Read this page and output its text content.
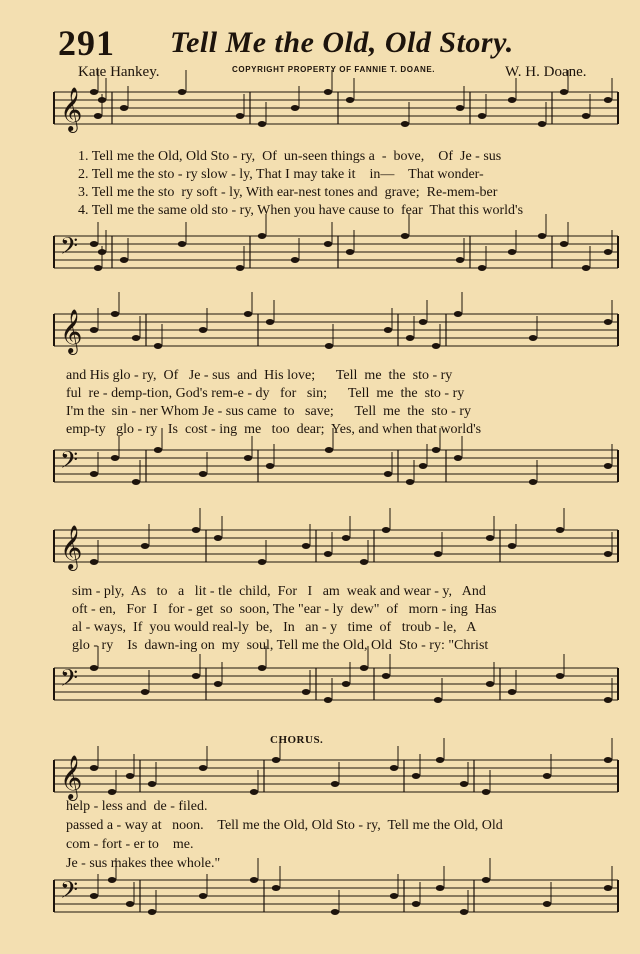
291 Tell Me the Old, Old Story.
Kate Hankey.	COPYRIGHT PROPERTY OF FANNIE T. DOANE.	W. H. Doane.
𝄞
𝄢
𝄞
𝄢
𝄞
𝄢
CHORUS.
𝄞
𝄢
1. Tell me the Old, Old Sto - ry,  Of  un-seen things a  -  bove,    Of  Je - sus
2. Tell me the sto - ry slow - ly, That I may take it    in—    That wonder-
3. Tell me the sto  ry soft - ly, With ear-nest tones and  grave;  Re-mem-ber
4. Tell me the same old sto - ry, When you have cause to  fear  That this world's
and His glo - ry,  Of   Je - sus  and  His love;      Tell  me  the  sto - ry
ful  re - demp-tion, God's rem-e - dy   for   sin;      Tell  me  the  sto - ry
I'm the  sin - ner Whom Je - sus came  to   save;      Tell  me  the  sto - ry
emp-ty   glo - ry   Is  cost - ing  me   too  dear;  Yes, and when that world's
sim - ply,  As   to   a   lit - tle  child,  For   I   am  weak and wear - y,   And
oft - en,   For  I   for - get  so  soon, The "ear - ly  dew"  of   morn - ing  Has
al - ways,  If  you would real-ly  be,   In   an - y   time  of   troub - le,   A
glo - ry    Is  dawn-ing on  my  soul, Tell me the Old, Old  Sto - ry: "Christ
help - less and  de - filed.
passed a - way at   noon.    Tell me the Old, Old Sto - ry,  Tell me the Old, Old
com - fort - er to    me.
Je - sus makes thee whole."
